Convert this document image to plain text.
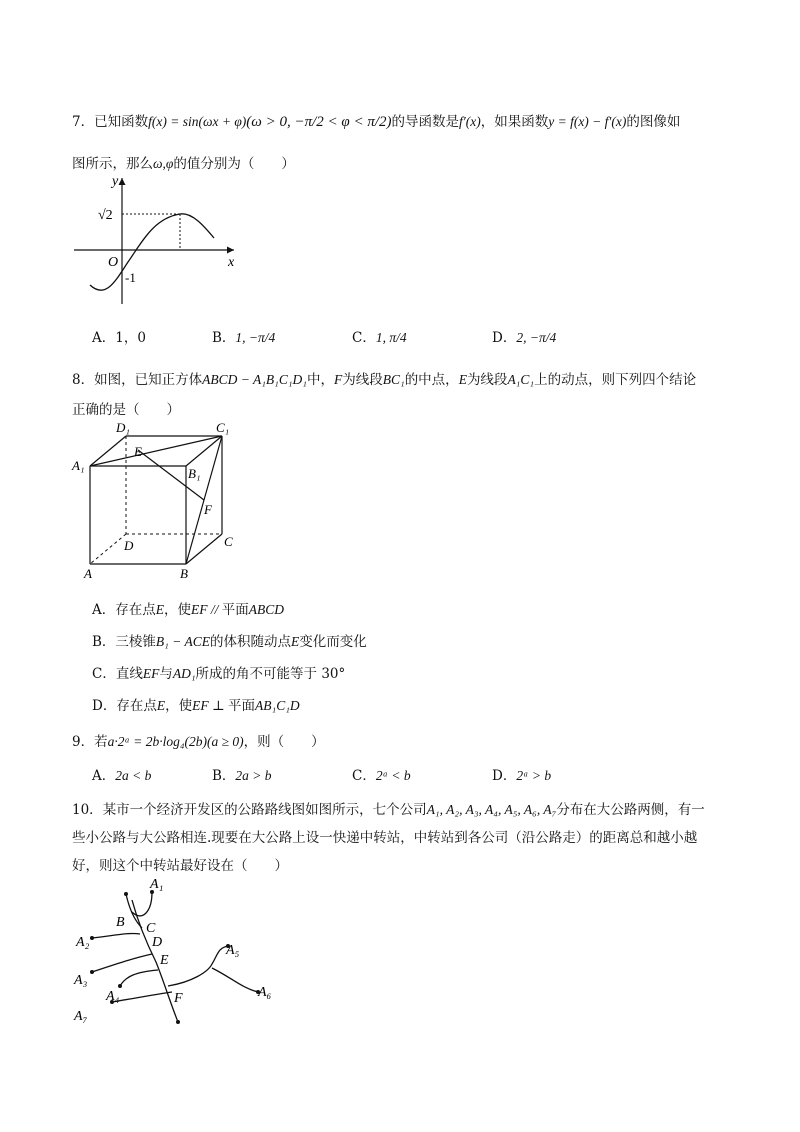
7．已知函数f(x) = sin(ωx + φ)(ω > 0, −π/2 < φ < π/2)的导函数是f′(x)，如果函数y = f(x) − f′(x)的图像如
图所示，那么ω,φ的值分别为（　　）
y
x
O
√2
-1
A．1，0	B．1, −π/4	C．1, π/4	D．2, −π/4
8．如图，已知正方体ABCD − A₁B₁C₁D₁中，F为线段BC₁的中点，E为线段A₁C₁上的动点，则下列四个结论
正确的是（　　）
D₁	C₁
A₁
B₁
E
F
D	C
A	B
A．存在点E，使EF // 平面ABCD
B．三棱锥B₁ − ACE的体积随动点E变化而变化
C．直线EF与AD₁所成的角不可能等于 30°
D．存在点E，使EF ⊥ 平面AB₁C₁D
9．若a·2ᵃ = 2b·log₄(2b)(a ≥ 0)，则（　　）
A．2a < b	B．2a > b	C．2ᵃ < b	D．2ᵃ > b
10．某市一个经济开发区的公路路线图如图所示，七个公司A₁, A₂, A₃, A₄, A₅, A₆, A₇分布在大公路两侧，有一
些小公路与大公路相连.现要在大公路上设一快递中转站，中转站到各公司（沿公路走）的距离总和越小越
好，则这个中转站最好设在（　　）
A₁
B C
A₂	D
E
A₅
A₃
A₄	F	A₆
A₇
